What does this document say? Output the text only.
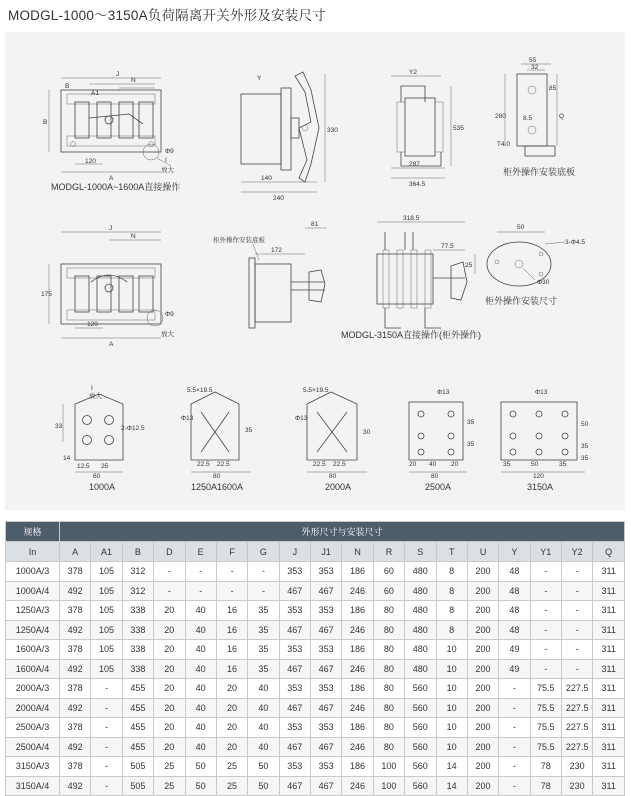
MODGL-1000～3150A负荷隔离开关外形及安装尺寸
J
N
B
B
A
A1
120	I
Φ9
放大
MODGL-1000A~1600A直接操作
Y
330
140
240
Y2
535
287
364.5
55
32
85
280	Q
8.5
T4.0
柜外操作安装底板
J
N
175
120
A
Φ9
放大
柜外操作安装底板
172
81
318.5
77.5
MODGL-3150A直接操作(柜外操作)
50
25
3-Φ4.5
Φ30
柜外操作安装尺寸
I
放大
2-Φ12.5
33
14
12.5 25
60
1000A
5.5×19.5
Φ13
35
22.5 22.5
80
1250A1600A
5.5×19.5
Φ13
30
22.5 22.5
80
2000A
Φ13
20 40 20
80
35
35
2500A
Φ13
35	50	35
120
50
35
35
3150A
规格	外形尺寸与安装尺寸																	
In	A	A1	B	D	E	F	G	J	J1	N	R	S	T	U	Y	Y1	Y2	Q
1000A/3	378	105	312	-	-	-	-	353	353	186	60	480	8	200	48	-	-	311
1000A/4	492	105	312	-	-	-	-	467	467	246	60	480	8	200	48	-	-	311
1250A/3	378	105	338	20	40	16	35	353	353	186	80	480	8	200	48	-	-	311
1250A/4	492	105	338	20	40	16	35	467	467	246	80	480	8	200	48	-	-	311
1600A/3	378	105	338	20	40	16	35	353	353	186	80	480	10	200	49	-	-	311
1600A/4	492	105	338	20	40	16	35	467	467	246	80	480	10	200	49	-	-	311
2000A/3	378	-	455	20	40	20	40	353	353	186	80	560	10	200	-	75.5	227.5	311
2000A/4	492	-	455	20	40	20	40	467	467	246	80	560	10	200	-	75.5	227.5	311
2500A/3	378	-	455	20	40	20	40	353	353	186	80	560	10	200	-	75.5	227.5	311
2500A/4	492	-	455	20	40	20	40	467	467	246	80	560	10	200	-	75.5	227.5	311
3150A/3	378	-	505	25	50	25	50	353	353	186	100	560	14	200	-	78	230	311
3150A/4	492	-	505	25	50	25	50	467	467	246	100	560	14	200	-	78	230	311
